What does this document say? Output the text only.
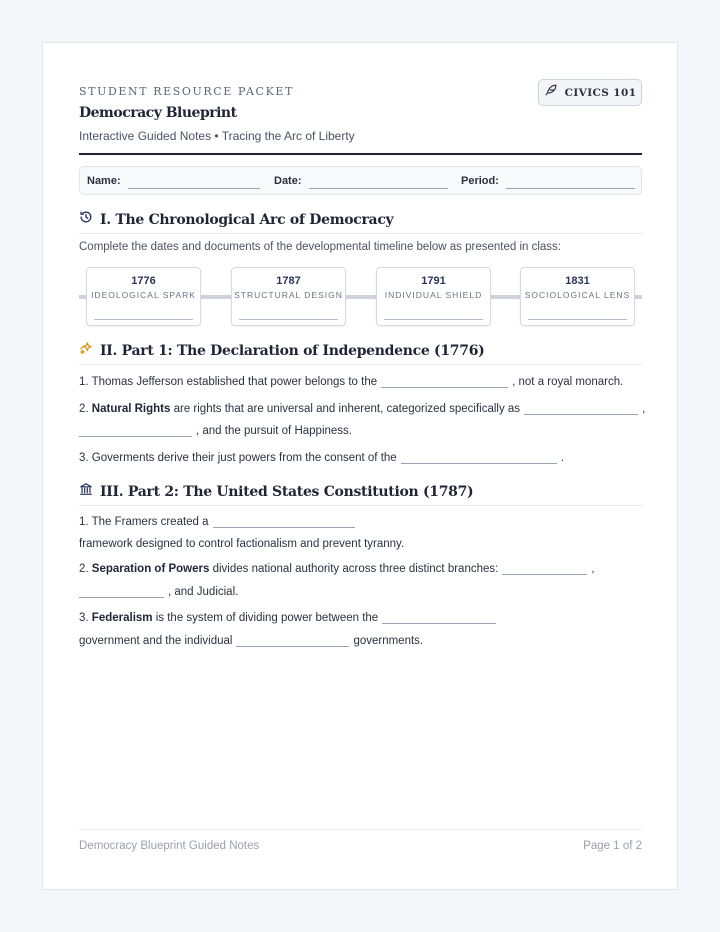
STUDENT RESOURCE PACKET
Democracy Blueprint
Interactive Guided Notes • Tracing the Arc of Liberty
CIVICS 101
Name:	Date:	Period:
I. The Chronological Arc of Democracy
Complete the dates and documents of the developmental timeline below as presented in class:
1776
IDEOLOGICAL SPARK
1787
STRUCTURAL DESIGN
1791
INDIVIDUAL SHIELD
1831
SOCIOLOGICAL LENS
II. Part 1: The Declaration of Independence (1776)
1. Thomas Jefferson established that power belongs to the	, not a royal monarch.
2. Natural Rights are rights that are universal and inherent, categorized specifically as	,
, and the pursuit of Happiness.
3. Goverments derive their just powers from the consent of the	.
III. Part 2: The United States Constitution (1787)
1. The Framers created a
framework designed to control factionalism and prevent tyranny.
2. Separation of Powers divides national authority across three distinct branches:	,
, and Judicial.
3. Federalism is the system of dividing power between the
government and the individual	governments.
Democracy Blueprint Guided Notes	Page 1 of 2
